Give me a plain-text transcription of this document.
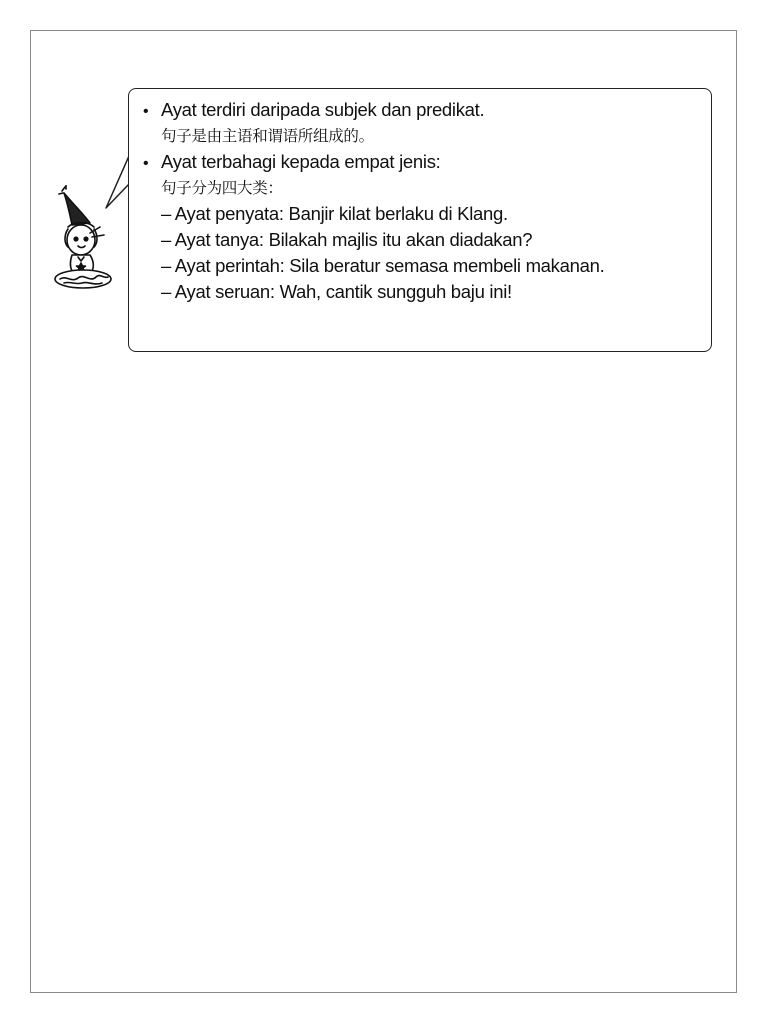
• Ayat terdiri daripada subjek dan predikat.
句子是由主语和谓语所组成的。
• Ayat terbahagi kepada empat jenis:
句子分为四大类：
– Ayat penyata: Banjir kilat berlaku di Klang.
– Ayat tanya: Bilakah majlis itu akan diadakan?
– Ayat perintah: Sila beratur semasa membeli makanan.
– Ayat seruan: Wah, cantik sungguh baju ini!
